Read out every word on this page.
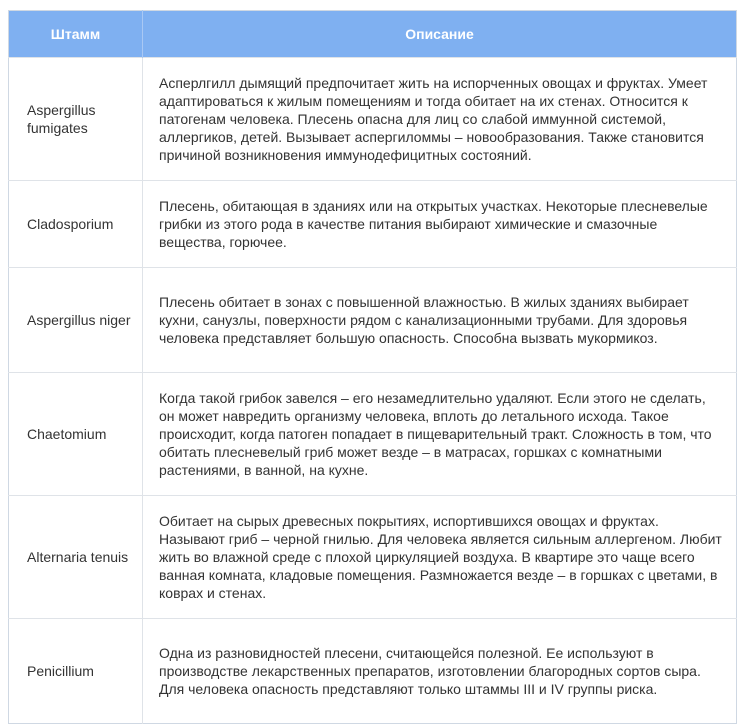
Штамм	Описание
Aspergillus fumigates	Асперлгилл дымящий предпочитает жить на испорченных овощах и фруктах. Умеет адаптироваться к жилым помещениям и тогда обитает на их стенах. Относится к патогенам человека. Плесень опасна для лиц со слабой иммунной системой, аллергиков, детей. Вызывает аспергиломмы – новообразования. Также становится причиной возникновения иммунодефицитных состояний.
Cladosporium	Плесень, обитающая в зданиях или на открытых участках. Некоторые плесневелые грибки из этого рода в качестве питания выбирают химические и смазочные вещества, горючее.
Aspergillus niger	Плесень обитает в зонах с повышенной влажностью. В жилых зданиях выбирает кухни, санузлы, поверхности рядом с канализационными трубами. Для здоровья человека представляет большую опасность. Способна вызвать мукормикоз.
Chaetomium	Когда такой грибок завелся – его незамедлительно удаляют. Если этого не сделать, он может навредить организму человека, вплоть до летального исхода. Такое происходит, когда патоген попадает в пищеварительный тракт. Сложность в том, что обитать плесневелый гриб может везде – в матрасах, горшках с комнатными растениями, в ванной, на кухне.
Alternaria tenuis	Обитает на сырых древесных покрытиях, испортившихся овощах и фруктах. Называют гриб – черной гнилью. Для человека является сильным аллергеном. Любит жить во влажной среде с плохой циркуляцией воздуха. В квартире это чаще всего ванная комната, кладовые помещения. Размножается везде – в горшках с цветами, в коврах и стенах.
Penicillium	Одна из разновидностей плесени, считающейся полезной. Ее используют в производстве лекарственных препаратов, изготовлении благородных сортов сыра. Для человека опасность представляют только штаммы III и IV группы риска.
